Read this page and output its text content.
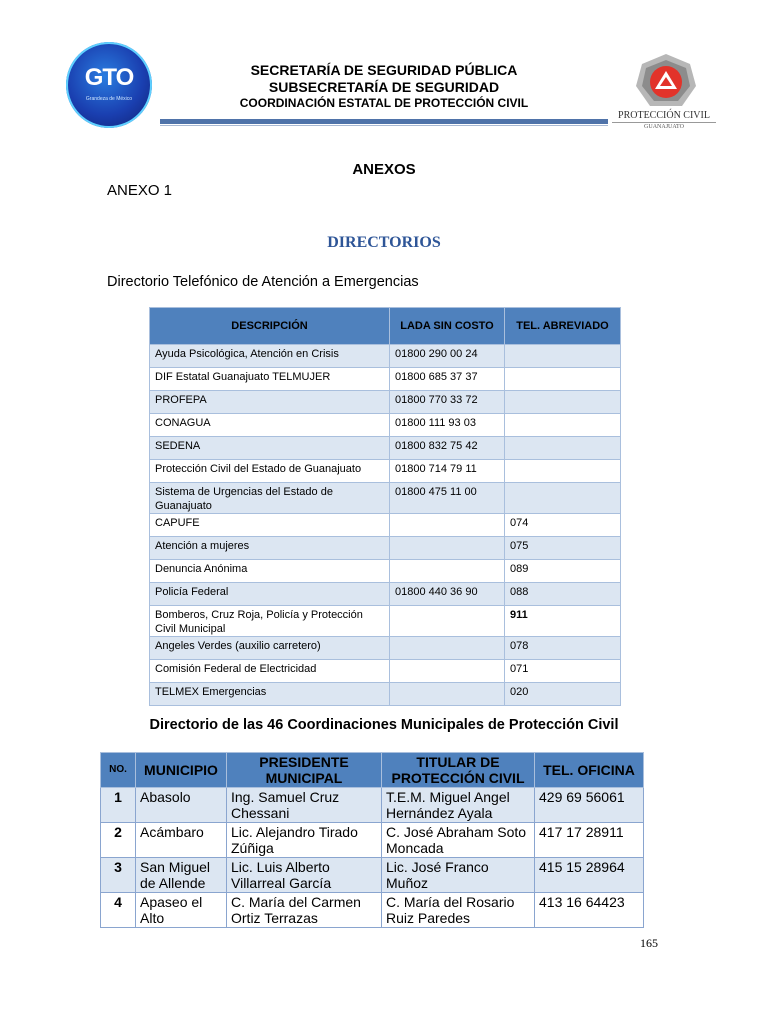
GTO
Grandeza de México
SECRETARÍA DE SEGURIDAD PÚBLICA
SUBSECRETARÍA DE SEGURIDAD
COORDINACIÓN ESTATAL DE PROTECCIÓN CIVIL
PROTECCIÓN CIVIL
GUANAJUATO
ANEXOS
ANEXO 1
DIRECTORIOS
Directorio Telefónico de Atención a Emergencias
DESCRIPCIÓN	LADA SIN COSTO	TEL. ABREVIADO
Ayuda Psicológica, Atención en Crisis	01800 290 00 24	
DIF Estatal Guanajuato TELMUJER	01800 685 37 37	
PROFEPA	01800 770 33 72	
CONAGUA	01800 111 93 03	
SEDENA	01800 832 75 42	
Protección Civil del Estado de Guanajuato	01800 714 79 11	
Sistema de Urgencias del Estado de Guanajuato	01800 475 11 00	
CAPUFE		074
Atención a mujeres		075
Denuncia Anónima		089
Policía Federal	01800 440 36 90	088
Bomberos, Cruz Roja, Policía y Protección Civil Municipal		911
Angeles Verdes (auxilio carretero)		078
Comisión Federal de Electricidad		071
TELMEX Emergencias		020
Directorio de las 46 Coordinaciones Municipales de Protección Civil
NO.	MUNICIPIO	PRESIDENTE MUNICIPAL	TITULAR DE PROTECCIÓN CIVIL	TEL. OFICINA
1	Abasolo	Ing. Samuel Cruz Chessani	T.E.M. Miguel Angel Hernández Ayala	429 69 56061
2	Acámbaro	Lic. Alejandro Tirado Zúñiga	C. José Abraham Soto Moncada	417 17 28911
3	San Miguel de Allende	Lic. Luis Alberto Villarreal García	Lic. José Franco Muñoz	415 15 28964
4	Apaseo el Alto	C. María del Carmen Ortiz Terrazas	C. María del Rosario Ruiz Paredes	413 16 64423
165
